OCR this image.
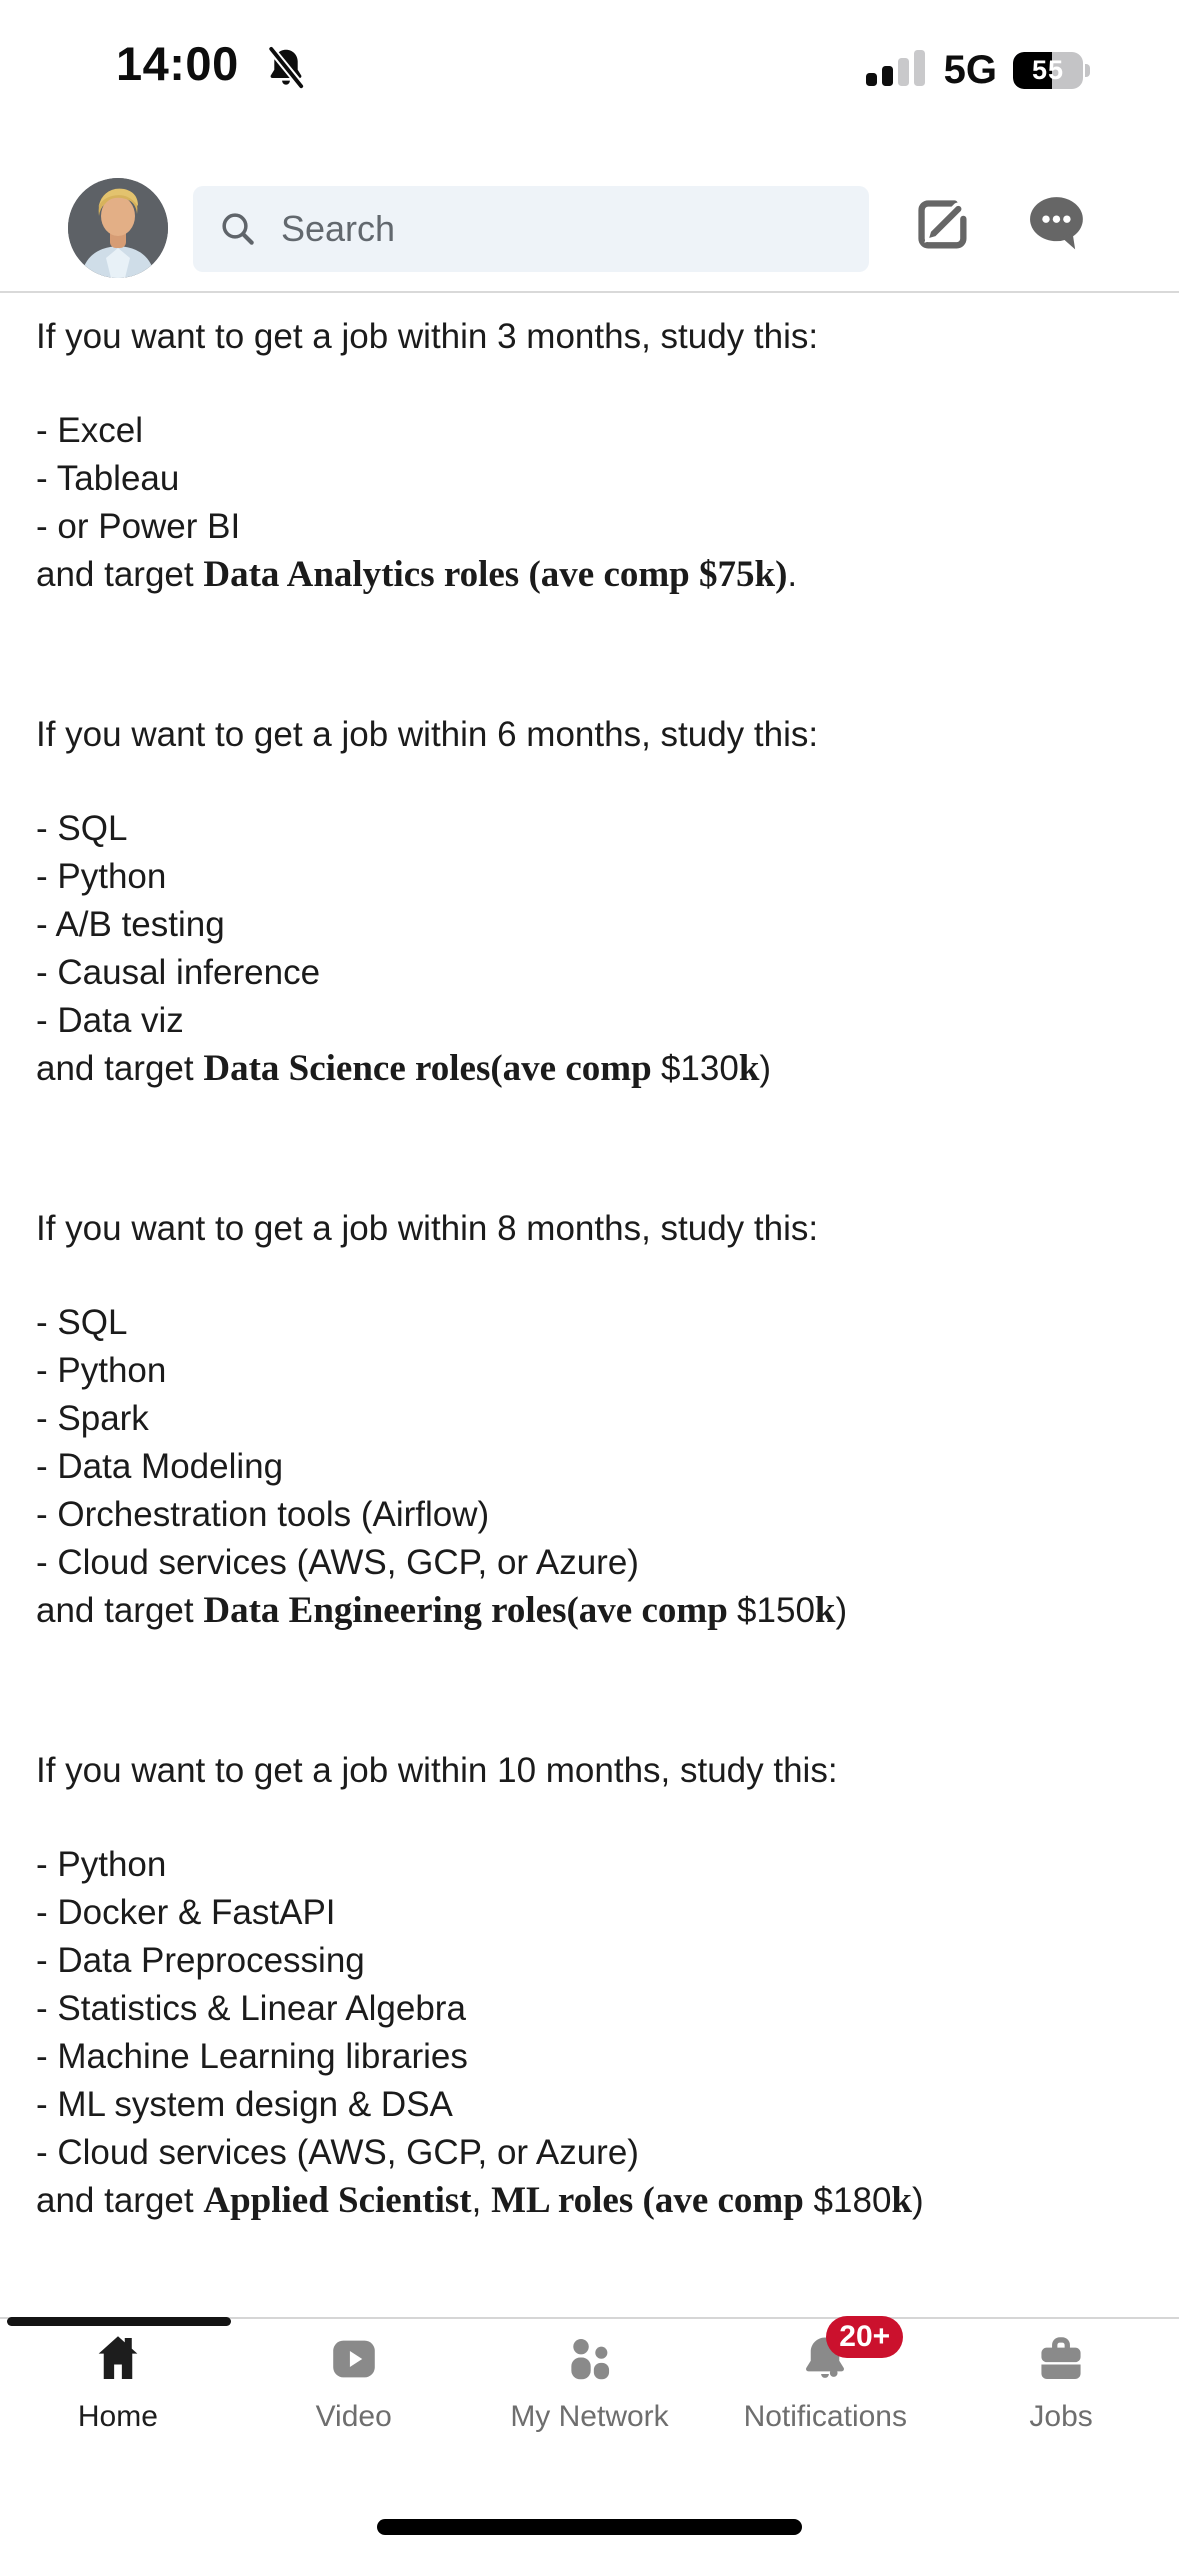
14:00	5G	55
Search

If you want to get a job within 3 months, study this:

- Excel

- Tableau

- or Power BI

and target Data Analytics roles (ave comp $75k).

If you want to get a job within 6 months, study this:

- SQL

- Python

- A/B testing

- Causal inference

- Data viz

and target Data Science roles(ave comp $130k)

If you want to get a job within 8 months, study this:

- SQL

- Python

- Spark

- Data Modeling

- Orchestration tools (Airflow)

- Cloud services (AWS, GCP, or Azure)

and target Data Engineering roles(ave comp $150k)

If you want to get a job within 10 months, study this:

- Python

- Docker & FastAPI

- Data Preprocessing

- Statistics & Linear Algebra

- Machine Learning libraries

- ML system design & DSA

- Cloud services (AWS, GCP, or Azure)

and target Applied Scientist, ML roles (ave comp $180k)

Home	Video	My Network
20+
Notifications	Jobs
